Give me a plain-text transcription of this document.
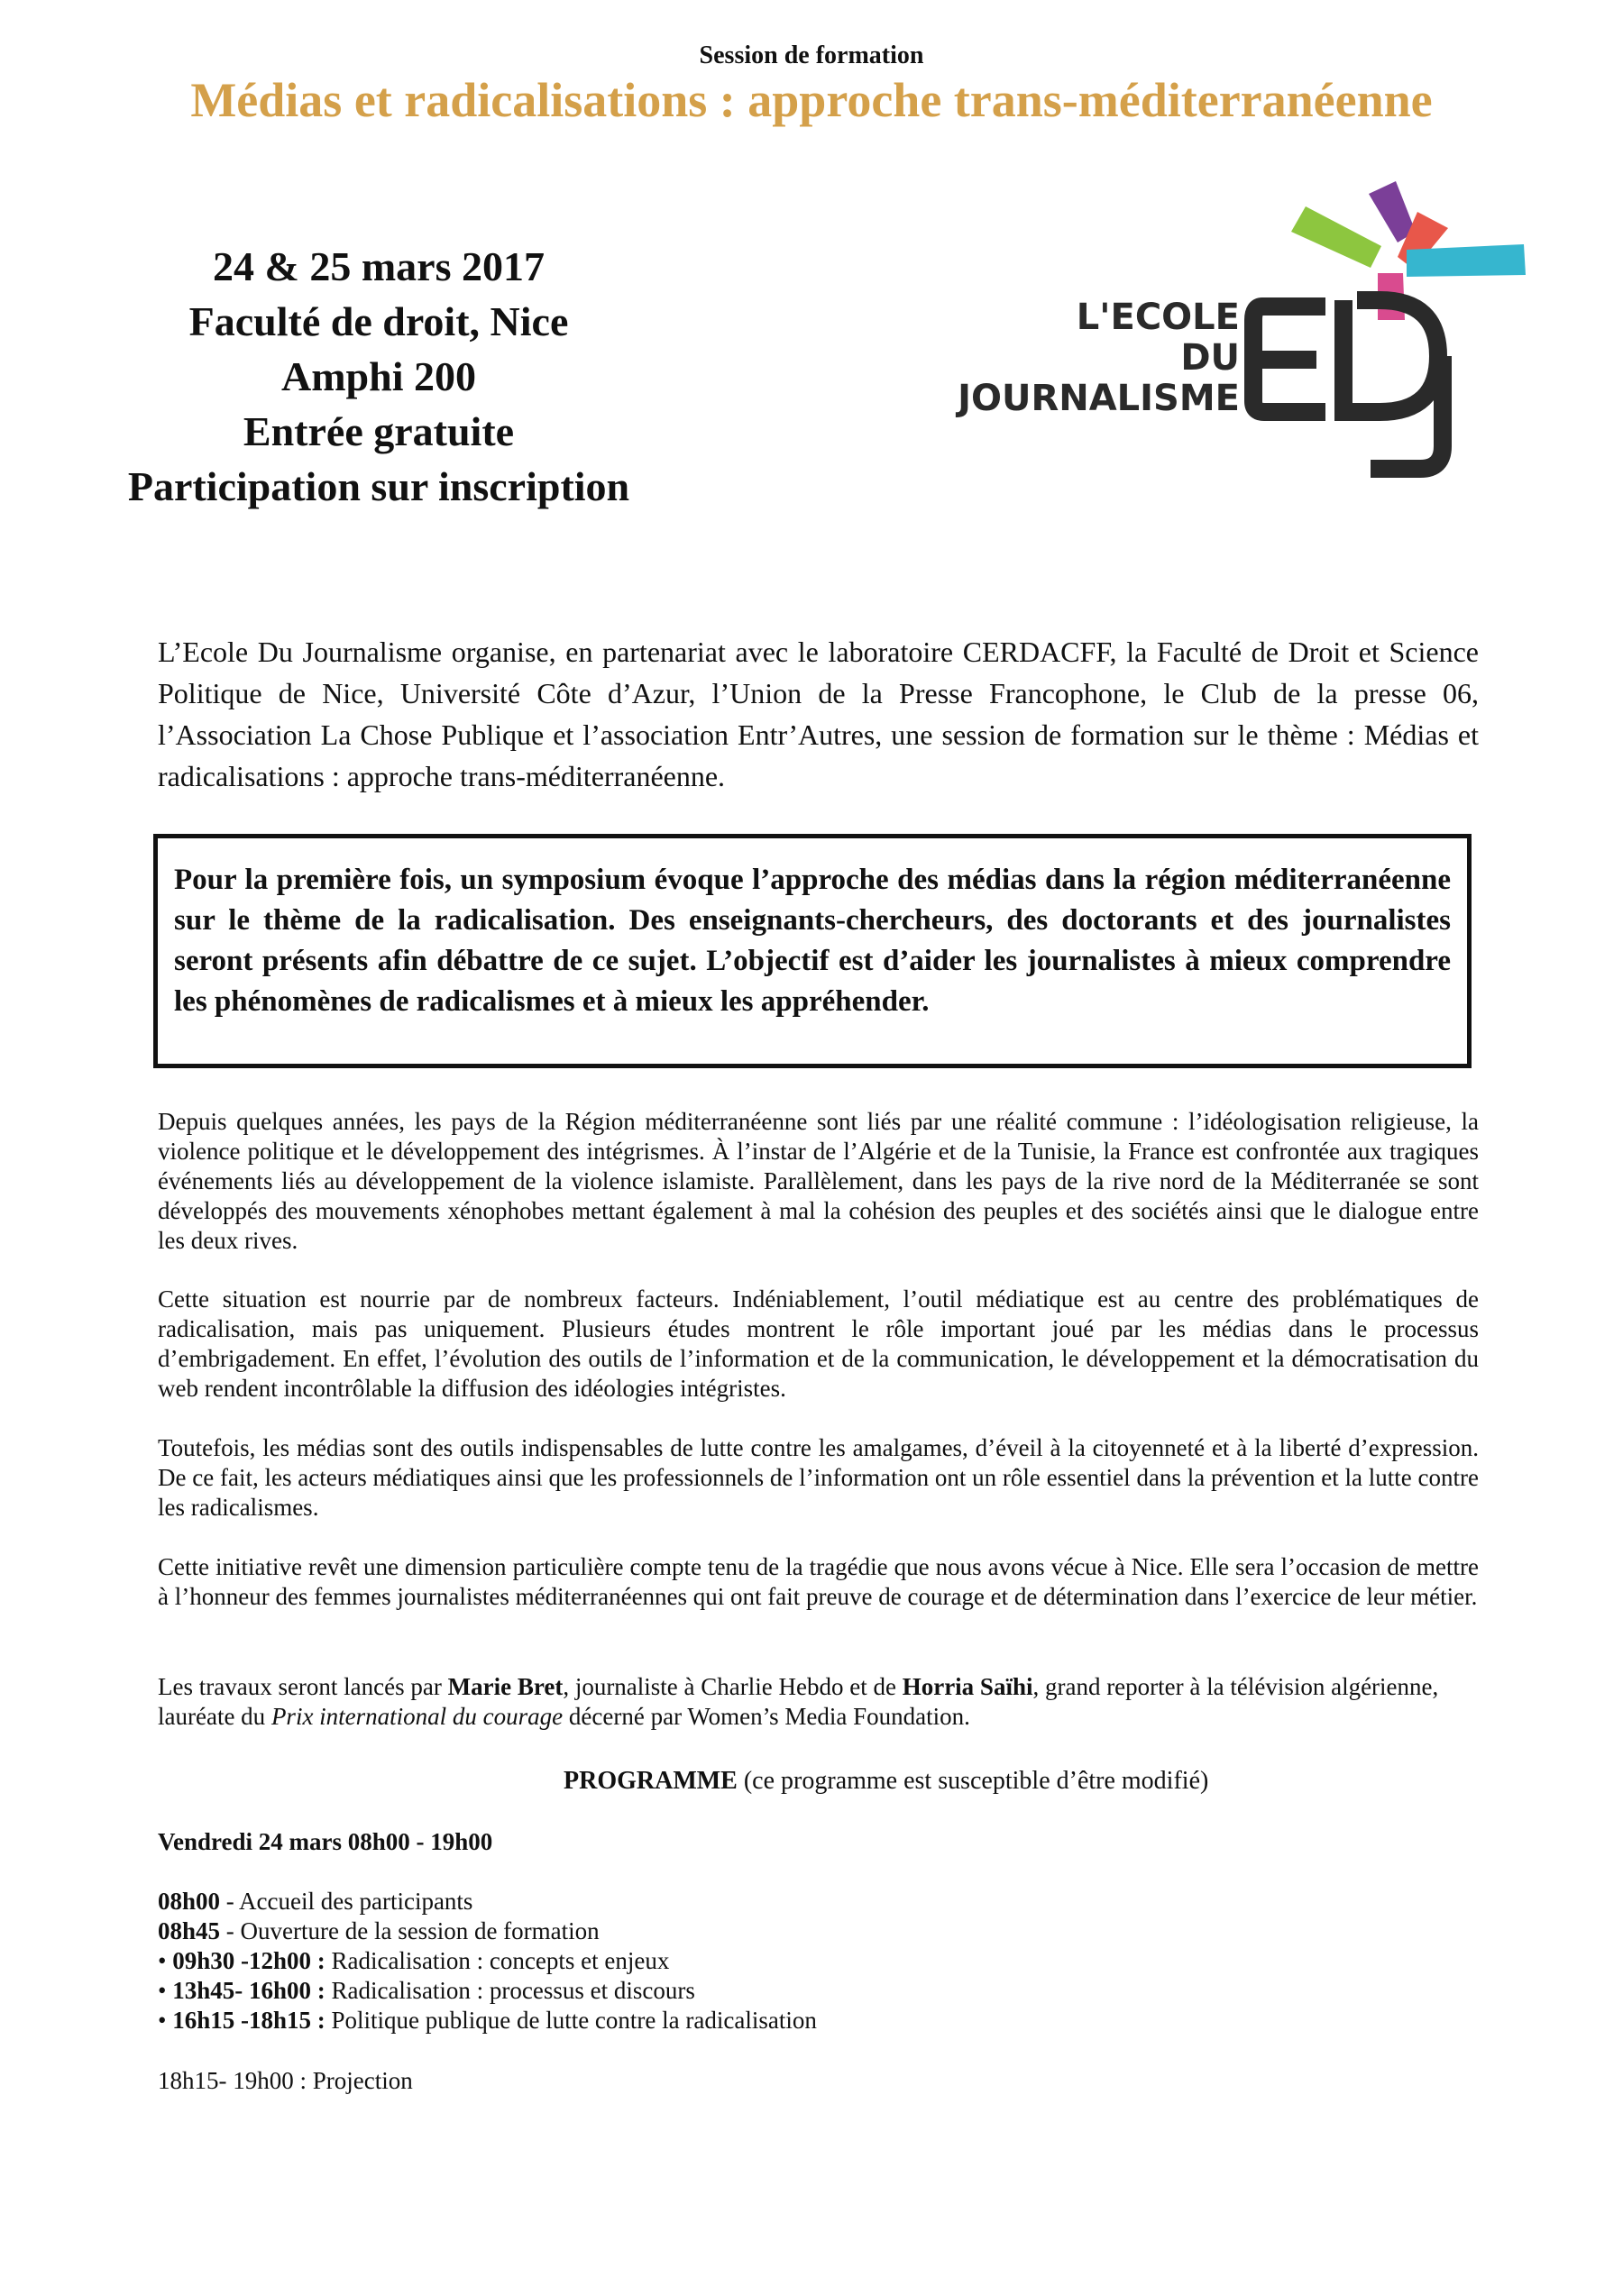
Session de formation
Médias et radicalisations : approche trans-méditerranéenne
24 & 25 mars 2017
Faculté de droit, Nice
Amphi 200
Entrée gratuite
Participation sur inscription
L'ECOLE
DU
JOURNALISME
EDJ
L’Ecole Du Journalisme organise, en partenariat avec le laboratoire CERDACFF, la Faculté de Droit et Science Politique de Nice, Université Côte d’Azur, l’Union de la Presse Francophone, le Club de la presse 06, l’Association La Chose Publique et l’association Entr’Autres, une session de formation sur le thème : Médias et radicalisations : approche trans-méditerranéenne.
Pour la première fois, un symposium évoque l’approche des médias dans la région méditerranéenne sur le thème de la radicalisation. Des enseignants-chercheurs, des doctorants et des journalistes seront présents afin débattre de ce sujet. L’objectif est d’aider les journalistes à mieux comprendre les phénomènes de radicalismes et à mieux les appréhender.
Depuis quelques années, les pays de la Région méditerranéenne sont liés par une réalité commune : l’idéologisation religieuse, la violence politique et le développement des intégrismes. À l’instar de l’Algérie et de la Tunisie, la France est confrontée aux tragiques événements liés au développement de la violence islamiste. Parallèlement, dans les pays de la rive nord de la Méditerranée se sont développés des mouvements xénophobes mettant également à mal la cohésion des peuples et des sociétés ainsi que le dialogue entre les deux rives.
Cette situation est nourrie par de nombreux facteurs. Indéniablement, l’outil médiatique est au centre des problématiques de radicalisation, mais pas uniquement. Plusieurs études montrent le rôle important joué par les médias dans le processus d’embrigadement. En effet, l’évolution des outils de l’information et de la communication, le développement et la démocratisation du web rendent incontrôlable la diffusion des idéologies intégristes.
Toutefois, les médias sont des outils indispensables de lutte contre les amalgames, d’éveil à la citoyenneté et à la liberté d’expression. De ce fait, les acteurs médiatiques ainsi que les professionnels de l’information ont un rôle essentiel dans la prévention et la lutte contre les radicalismes.
Cette initiative revêt une dimension particulière compte tenu de la tragédie que nous avons vécue à Nice. Elle sera l’occasion de mettre à l’honneur des femmes journalistes méditerranéennes qui ont fait preuve de courage et de détermination dans l’exercice de leur métier.
Les travaux seront lancés par Marie Bret, journaliste à Charlie Hebdo et de Horria Saïhi, grand reporter à la télévision algérienne, lauréate du Prix international du courage décerné par Women’s Media Foundation.
PROGRAMME (ce programme est susceptible d’être modifié)
Vendredi 24 mars 08h00 - 19h00
08h00 - Accueil des participants
08h45 - Ouverture de la session de formation
• 09h30 -12h00 : Radicalisation : concepts et enjeux
• 13h45- 16h00 : Radicalisation : processus et discours
• 16h15 -18h15 : Politique publique de lutte contre la radicalisation
18h15- 19h00 : Projection
